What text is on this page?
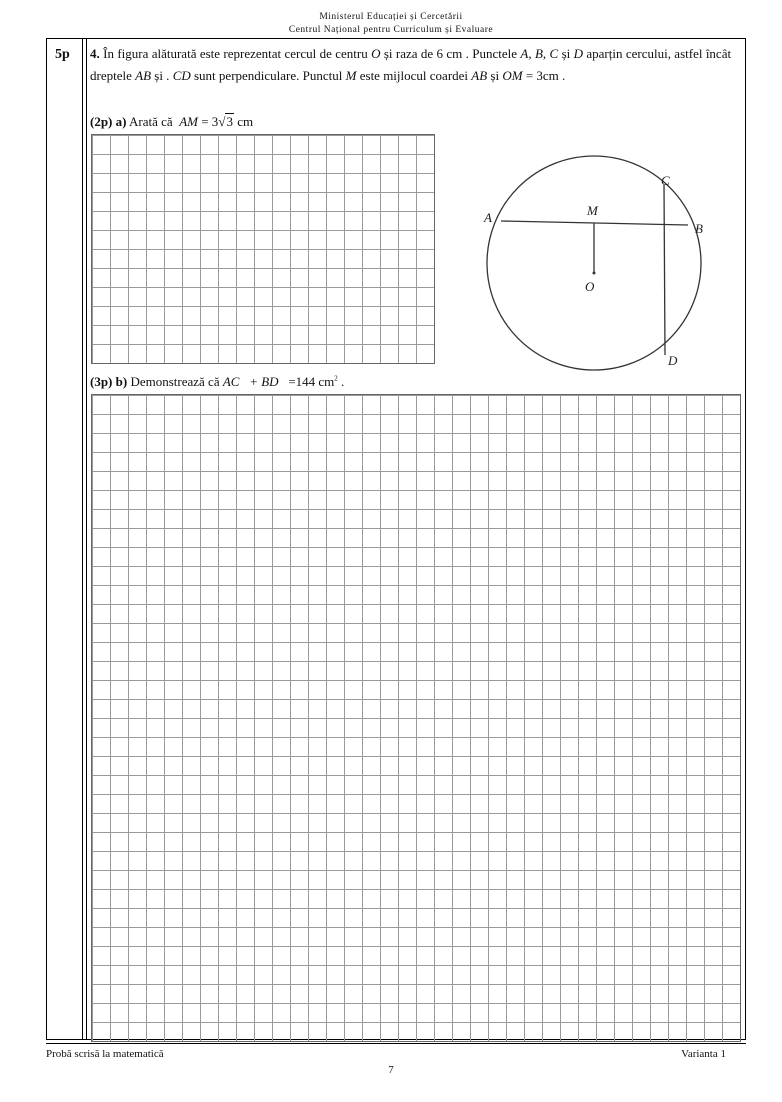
Ministerul Educației și Cercetării
Centrul Național pentru Curriculum și Evaluare
5p 4. În figura alăturată este reprezentat cercul de centru O și raza de 6 cm . Punctele A, B, C și D aparțin cercului, astfel încât dreptele AB și . CD sunt perpendiculare. Punctul M este mijlocul coardei AB și OM = 3cm .
(2p) a) Arată că AM = 3√3 cm
A
B
C
D
M
O
(3p) b) Demonstrează că AC + BD =144 $cm^2$ .
Probă scrisă la matematică	Varianta 1
7
